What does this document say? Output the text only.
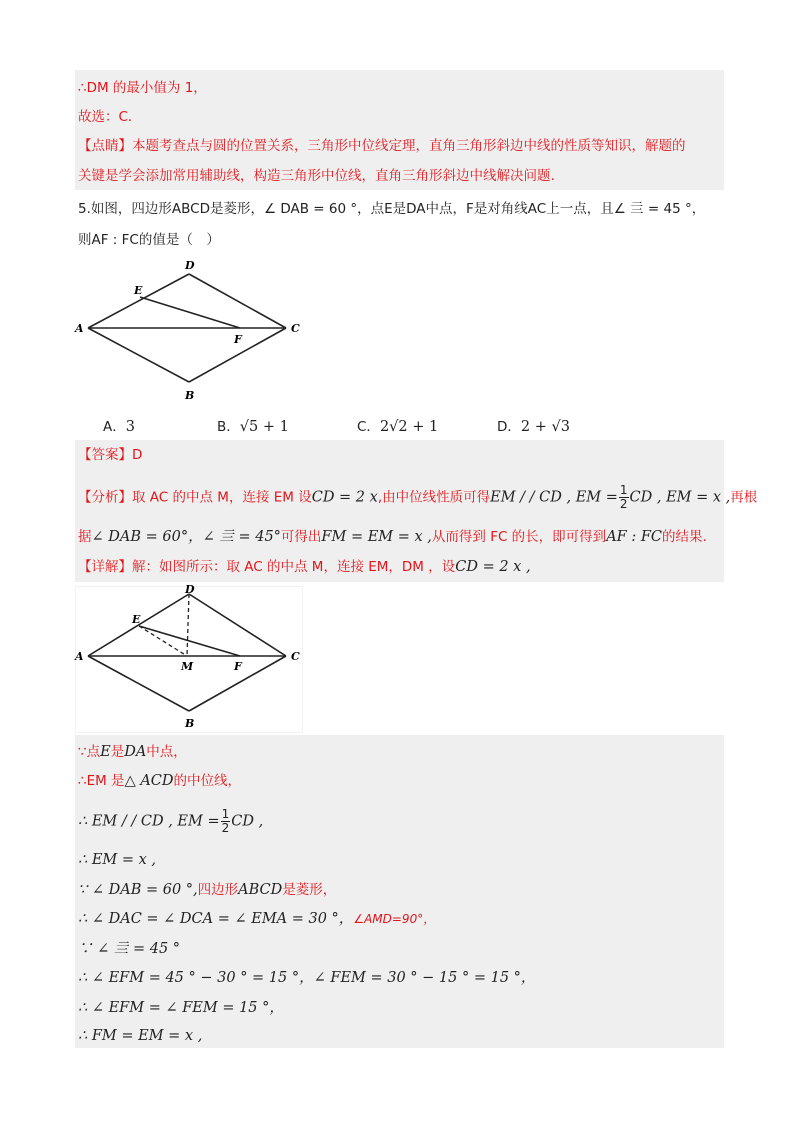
∴DM 的最小值为 1，
故选：C．
【点睛】本题考查点与圆的位置关系，三角形中位线定理，直角三角形斜边中线的性质等知识，解题的
关键是学会添加常用辅助线，构造三角形中位线，直角三角形斜边中线解决问题.
5.如图，四边形ABCD是菱形，∠ DAB = 60 °，点E是DA中点，F是对角线AC上一点，且∠ 亖 = 45 °，
则AF : FC的值是（　）
D
E
A
F
C
B
A．3	B．√5 + 1	C．2√2 + 1	D．2 + √3
【答案】D
【分析】取 AC 的中点 M，连接 EM 设CD = 2 x,由中位线性质可得EM / / CD , EM = $\frac{1}{2}$ CD , EM = x ,再根
据∠ DAB = 60°，∠ 亖 = 45°可得出FM = EM = x ,从而得到 FC 的长，即可得到AF : FC的结果.
【详解】解：如图所示：取 AC 的中点 M，连接 EM，DM ，设CD = 2 x ,
D
E
A
M	F
C
B
∵点E是DA中点，
∴EM 是△ ACD的中位线，
∴ EM / / CD , EM = $\frac{1}{2}$ CD ,
∴ EM = x ,
∵ ∠ DAB = 60 °,四边形ABCD是菱形，
∴ ∠ DAC = ∠ DCA = ∠ EMA = 30 °，∠AMD=90°，
∵ ∠ 亖 = 45 °
∴ ∠ EFM = 45 ° − 30 ° = 15 °，∠ FEM = 30 ° − 15 ° = 15 °，
∴ ∠ EFM = ∠ FEM = 15 °，
∴ FM = EM = x ,
